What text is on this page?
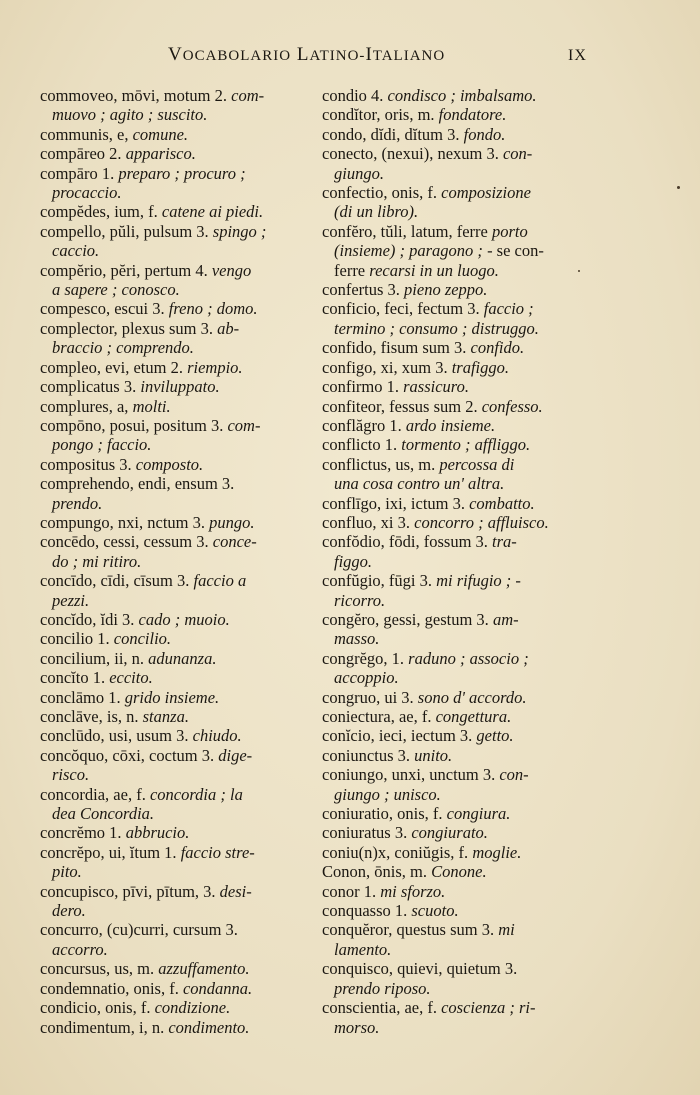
VOCABOLARIO LATINO-ITALIANO	IX
commoveo, mōvi, motum 2. com-
muovo ; agito ; suscito.
communis, e, comune.
compāreo 2. apparisco.
compāro 1. preparo ; procuro ;
procaccio.
compĕdes, ium, f. catene ai piedi.
compello, pŭli, pulsum 3. spingo ;
caccio.
compĕrio, pĕri, pertum 4. vengo
a sapere ; conosco.
compesco, escui 3. freno ; domo.
complector, plexus sum 3. ab-
braccio ; comprendo.
compleo, evi, etum 2. riempio.
complicatus 3. inviluppato.
complures, a, molti.
compōno, posui, positum 3. com-
pongo ; faccio.
compositus 3. composto.
comprehendo, endi, ensum 3.
prendo.
compungo, nxi, nctum 3. pungo.
concēdo, cessi, cessum 3. conce-
do ; mi ritiro.
concīdo, cīdi, cīsum 3. faccio a
pezzi.
concĭdo, ĭdi 3. cado ; muoio.
concilio 1. concilio.
concilium, ii, n. adunanza.
concĭto 1. eccito.
conclāmo 1. grido insieme.
conclāve, is, n. stanza.
conclūdo, usi, usum 3. chiudo.
concŏquo, cōxi, coctum 3. dige-
risco.
concordia, ae, f. concordia ; la
dea Concordia.
concrĕmo 1. abbrucio.
concrĕpo, ui, ĭtum 1. faccio stre-
pito.
concupisco, pīvi, pītum, 3. desi-
dero.
concurro, (cu)curri, cursum 3.
accorro.
concursus, us, m. azzuffamento.
condemnatio, onis, f. condanna.
condicio, onis, f. condizione.
condimentum, i, n. condimento.
condio 4. condisco ; imbalsamo.
condĭtor, oris, m. fondatore.
condo, dĭdi, dĭtum 3. fondo.
conecto, (nexui), nexum 3. con-
giungo.
confectio, onis, f. composizione
(di un libro).
confĕro, tŭli, latum, ferre porto
(insieme) ; paragono ; - se con-
ferre recarsi in un luogo.
confertus 3. pieno zeppo.
conficio, feci, fectum 3. faccio ;
termino ; consumo ; distruggo.
confido, fisum sum 3. confido.
configo, xi, xum 3. trafiggo.
confirmo 1. rassicuro.
confiteor, fessus sum 2. confesso.
conflăgro 1. ardo insieme.
conflicto 1. tormento ; affliggo.
conflictus, us, m. percossa di
una cosa contro un' altra.
conflīgo, ixi, ictum 3. combatto.
confluo, xi 3. concorro ; affluisco.
confŏdio, fōdi, fossum 3. tra-
figgo.
confŭgio, fūgi 3. mi rifugio ; -
ricorro.
congĕro, gessi, gestum 3. am-
masso.
congrĕgo, 1. raduno ; associo ;
accoppio.
congruo, ui 3. sono d' accordo.
coniectura, ae, f. congettura.
conĭcio, ieci, iectum 3. getto.
coniunctus 3. unito.
coniungo, unxi, unctum 3. con-
giungo ; unisco.
coniuratio, onis, f. congiura.
coniuratus 3. congiurato.
coniu(n)x, coniŭgis, f. moglie.
Conon, ōnis, m. Conone.
conor 1. mi sforzo.
conquasso 1. scuoto.
conquĕror, questus sum 3. mi
lamento.
conquisco, quievi, quietum 3.
prendo riposo.
conscientia, ae, f. coscienza ; ri-
morso.
